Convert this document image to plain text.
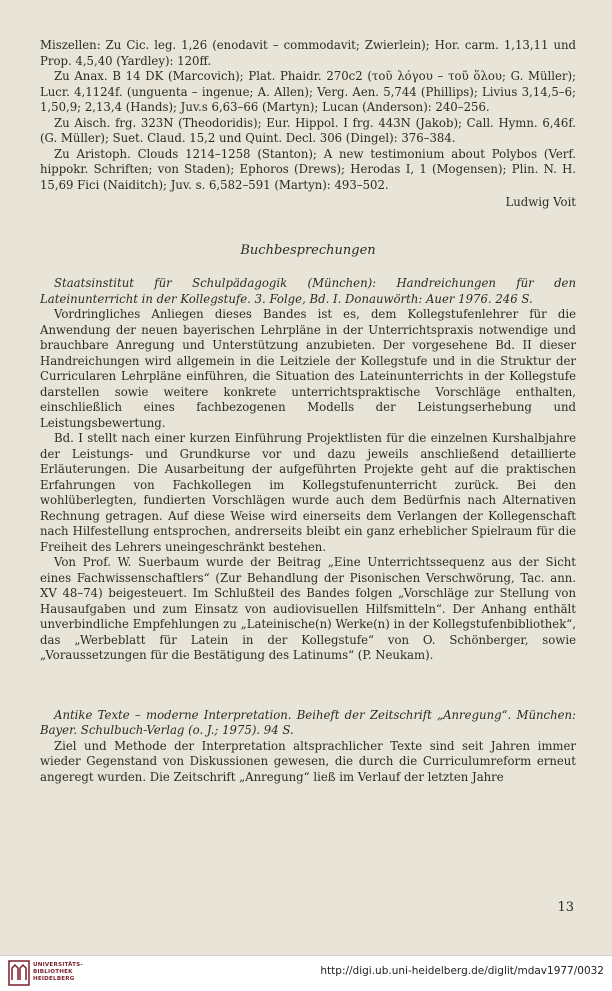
Miszellen: Zu Cic. leg. 1,26 (enodavit – commodavit; Zwierlein); Hor. carm. 1,13,11 und Prop. 4,5,40 (Yardley): 120ff.

Zu Anax. B 14 DK (Marcovich); Plat. Phaidr. 270c2 (τοῦ λόγου – τοῦ ὅλου; G. Müller); Lucr. 4,1124f. (unguenta – ingenue; A. Allen); Verg. Aen. 5,744 (Phillips); Livius 3,14,5–6; 1,50,9; 2,13,4 (Hands); Juv.s 6,63–66 (Martyn); Lucan (Anderson): 240–256.

Zu Aisch. frg. 323N (Theodoridis); Eur. Hippol. I frg. 443N (Jakob); Call. Hymn. 6,46f. (G. Müller); Suet. Claud. 15,2 und Quint. Decl. 306 (Dingel): 376–384.

Zu Aristoph. Clouds 1214–1258 (Stanton); A new testimonium about Polybos (Verf. hippokr. Schriften; von Staden); Ephoros (Drews); Herodas I, 1 (Mogensen); Plin. N. H. 15,69 Fici (Naiditch); Juv. s. 6,582–591 (Martyn): 493–502.

Ludwig Voit
Buchbesprechungen

Staatsinstitut für Schulpädagogik (München): Handreichungen für den Lateinunterricht in der Kollegstufe. 3. Folge, Bd. I. Donauwörth: Auer 1976. 246 S.

Vordringliches Anliegen dieses Bandes ist es, dem Kollegstufenlehrer für die Anwendung der neuen bayerischen Lehrpläne in der Unterrichtspraxis notwendige und brauchbare Anregung und Unterstützung anzubieten. Der vorgesehene Bd. II dieser Handreichungen wird allgemein in die Leitziele der Kollegstufe und in die Struktur der Curricularen Lehrpläne einführen, die Situation des Lateinunterrichts in der Kollegstufe darstellen sowie weitere konkrete unterrichtspraktische Vorschläge enthalten, einschließlich eines fachbezogenen Modells der Leistungserhebung und Leistungsbewertung.

Bd. I stellt nach einer kurzen Einführung Projektlisten für die einzelnen Kurshalbjahre der Leistungs- und Grundkurse vor und dazu jeweils anschließend detaillierte Erläuterungen. Die Ausarbeitung der aufgeführten Projekte geht auf die praktischen Erfahrungen von Fachkollegen im Kollegstufenunterricht zurück. Bei den wohlüberlegten, fundierten Vorschlägen wurde auch dem Bedürfnis nach Alternativen Rechnung getragen. Auf diese Weise wird einerseits dem Verlangen der Kollegenschaft nach Hilfestellung entsprochen, andrerseits bleibt ein ganz erheblicher Spielraum für die Freiheit des Lehrers uneingeschränkt bestehen.

Von Prof. W. Suerbaum wurde der Beitrag „Eine Unterrichtssequenz aus der Sicht eines Fachwissenschaftlers“ (Zur Behandlung der Pisonischen Verschwörung, Tac. ann. XV 48–74) beigesteuert. Im Schlußteil des Bandes folgen „Vorschläge zur Stellung von Hausaufgaben und zum Einsatz von audiovisuellen Hilfsmitteln“. Der Anhang enthält unverbindliche Empfehlungen zu „Lateinische(n) Werke(n) in der Kollegstufenbibliothek“, das „Werbeblatt für Latein in der Kollegstufe“ von O. Schönberger, sowie „Voraussetzungen für die Bestätigung des Latinums“ (P. Neukam).

Antike Texte – moderne Interpretation. Beiheft der Zeitschrift „Anregung“. München: Bayer. Schulbuch-Verlag (o. J.; 1975). 94 S.

Ziel und Methode der Interpretation altsprachlicher Texte sind seit Jahren immer wieder Gegenstand von Diskussionen gewesen, die durch die Curriculumreform erneut angeregt wurden. Die Zeitschrift „Anregung“ ließ im Verlauf der letzten Jahre

13
UNIVERSITÄTS-
BIBLIOTHEK
HEIDELBERG
http://digi.ub.uni-heidelberg.de/diglit/mdav1977/0032
